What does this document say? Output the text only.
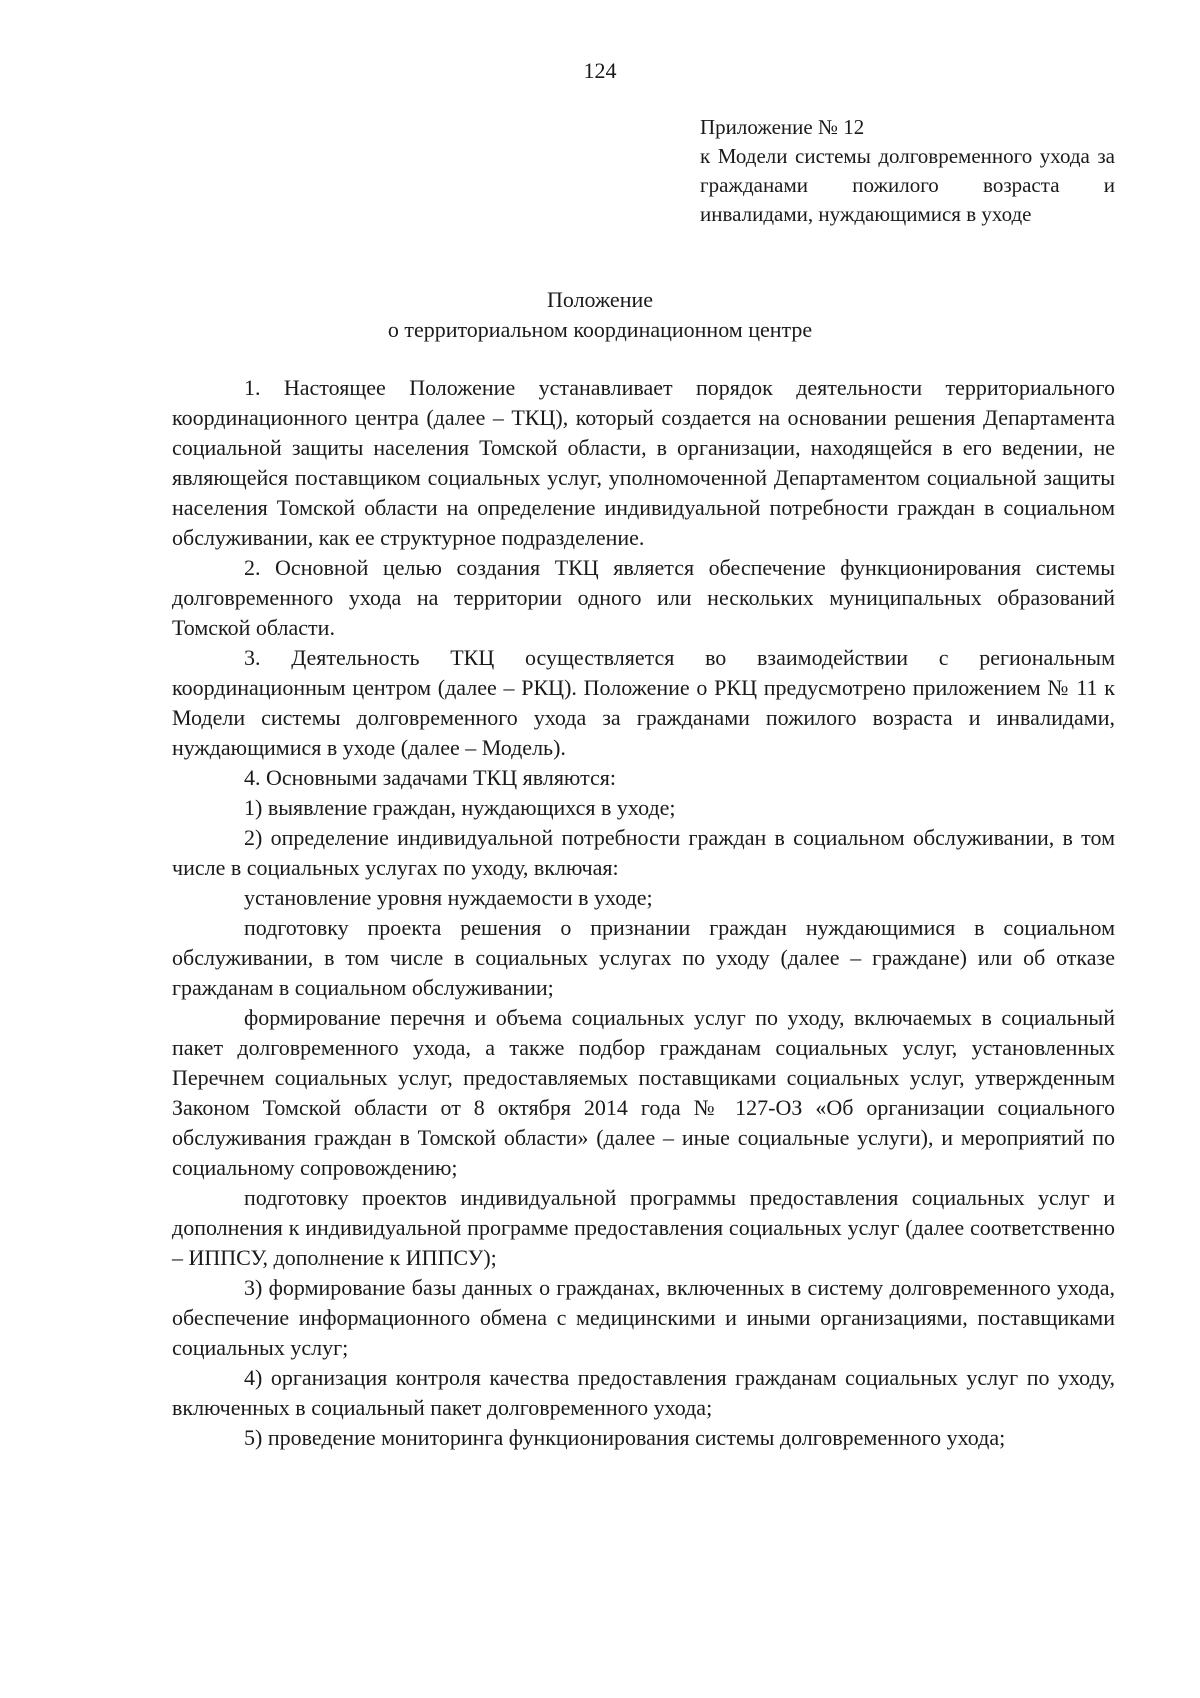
124
Приложение № 12
к Модели системы долговременного ухода за гражданами пожилого возраста и инвалидами, нуждающимися в уходе
Положение
о территориальном координационном центре

1. Настоящее Положение устанавливает порядок деятельности территориального координационного центра (далее – ТКЦ), который создается на основании решения Департамента социальной защиты населения Томской области, в организации, находящейся в его ведении, не являющейся поставщиком социальных услуг, уполномоченной Департаментом социальной защиты населения Томской области на определение индивидуальной потребности граждан в социальном обслуживании, как ее структурное подразделение.

2. Основной целью создания ТКЦ является обеспечение функционирования системы долговременного ухода на территории одного или нескольких муниципальных образований Томской области.

3. Деятельность ТКЦ осуществляется во взаимодействии с региональным координационным центром (далее – РКЦ). Положение о РКЦ предусмотрено приложением № 11 к Модели системы долговременного ухода за гражданами пожилого возраста и инвалидами, нуждающимися в уходе (далее – Модель).

4. Основными задачами ТКЦ являются:

1) выявление граждан, нуждающихся в уходе;

2) определение индивидуальной потребности граждан в социальном обслуживании, в том числе в социальных услугах по уходу, включая:

установление уровня нуждаемости в уходе;

подготовку проекта решения о признании граждан нуждающимися в социальном обслуживании, в том числе в социальных услугах по уходу (далее – граждане) или об отказе гражданам в социальном обслуживании;

формирование перечня и объема социальных услуг по уходу, включаемых в социальный пакет долговременного ухода, а также подбор гражданам социальных услуг, установленных Перечнем социальных услуг, предоставляемых поставщиками социальных услуг, утвержденным Законом Томской области от 8 октября 2014 года № 127-ОЗ «Об организации социального обслуживания граждан в Томской области» (далее – иные социальные услуги), и мероприятий по социальному сопровождению;

подготовку проектов индивидуальной программы предоставления социальных услуг и дополнения к индивидуальной программе предоставления социальных услуг (далее соответственно – ИППСУ, дополнение к ИППСУ);

3) формирование базы данных о гражданах, включенных в систему долговременного ухода, обеспечение информационного обмена с медицинскими и иными организациями, поставщиками социальных услуг;

4) организация контроля качества предоставления гражданам социальных услуг по уходу, включенных в социальный пакет долговременного ухода;

5) проведение мониторинга функционирования системы долговременного ухода;
